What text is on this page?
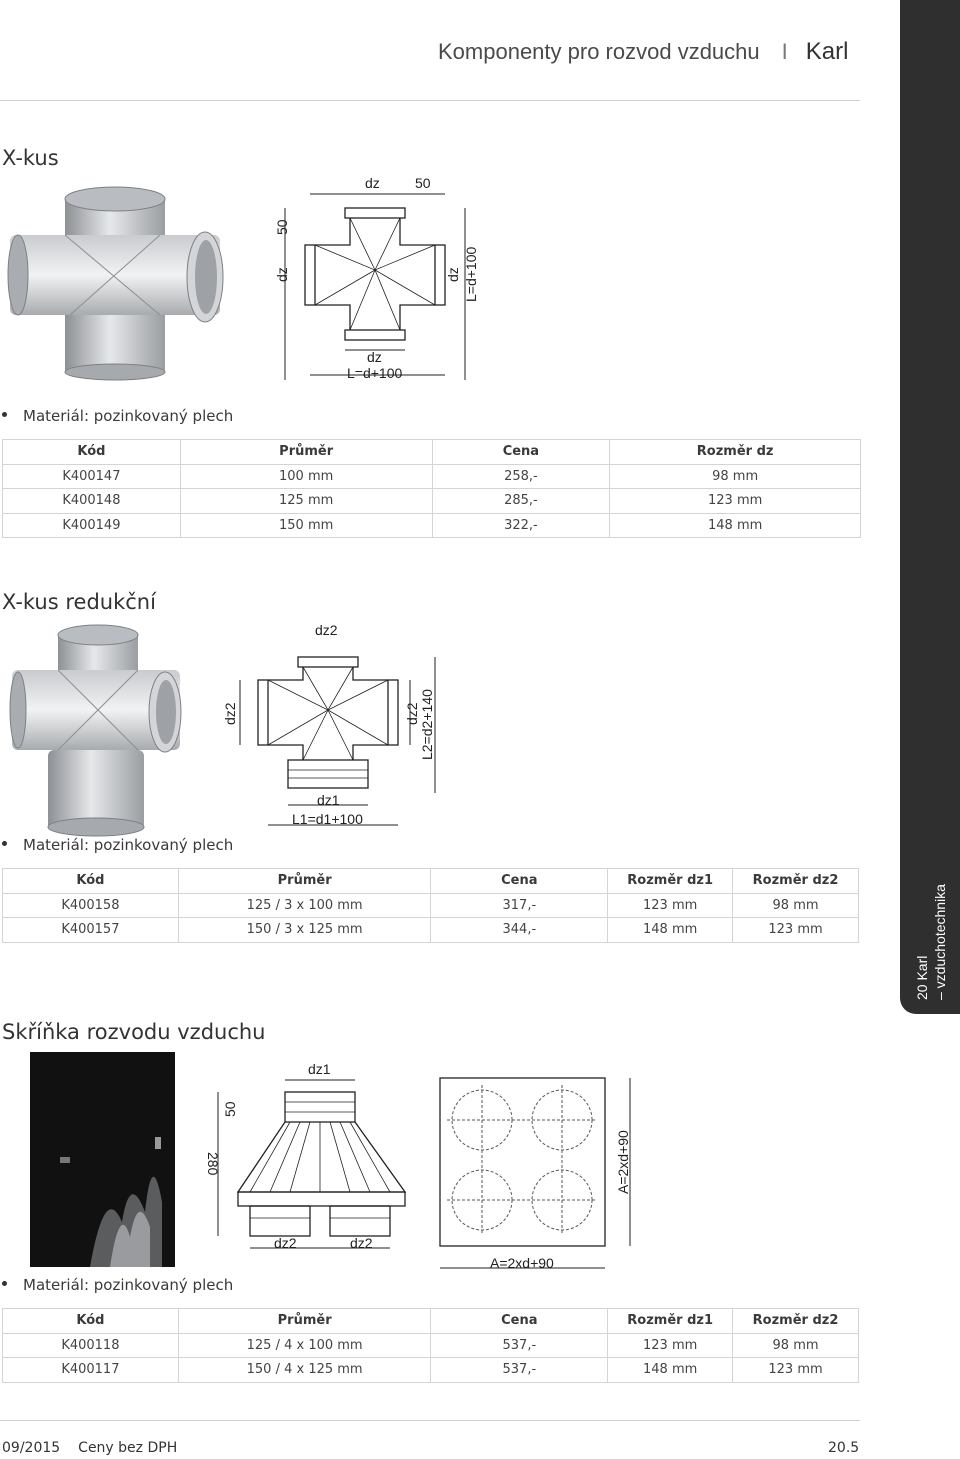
Komponenty pro rozvod vzduchu I Karl
20 Karl – vzduchotechnika
X-kus
dz	50
50
dz	dz L=d+100
dz
L=d+100
Materiál: pozinkovaný plech
Kód	Průměr	Cena	Rozměr dz
K400147	100 mm	258,-	98 mm
K400148	125 mm	285,-	123 mm
K400149	150 mm	322,-	148 mm
X-kus redukční
dz2
dz2	dz2 L2=d2+140
dz1
L1=d1+100
Materiál: pozinkovaný plech
Kód	Průměr	Cena	Rozměr dz1	Rozměr dz2
K400158	125 / 3 x 100 mm	317,-	123 mm	98 mm
K400157	150 / 3 x 125 mm	344,-	148 mm	123 mm
Skříňka rozvodu vzduchu
dz1
50
280
dz2	dz2
A=2xd+90
A=2xd+90
Materiál: pozinkovaný plech
Kód	Průměr	Cena	Rozměr dz1	Rozměr dz2
K400118	125 / 4 x 100 mm	537,-	123 mm	98 mm
K400117	150 / 4 x 125 mm	537,-	148 mm	123 mm
09/2015 Ceny bez DPH	20.5
